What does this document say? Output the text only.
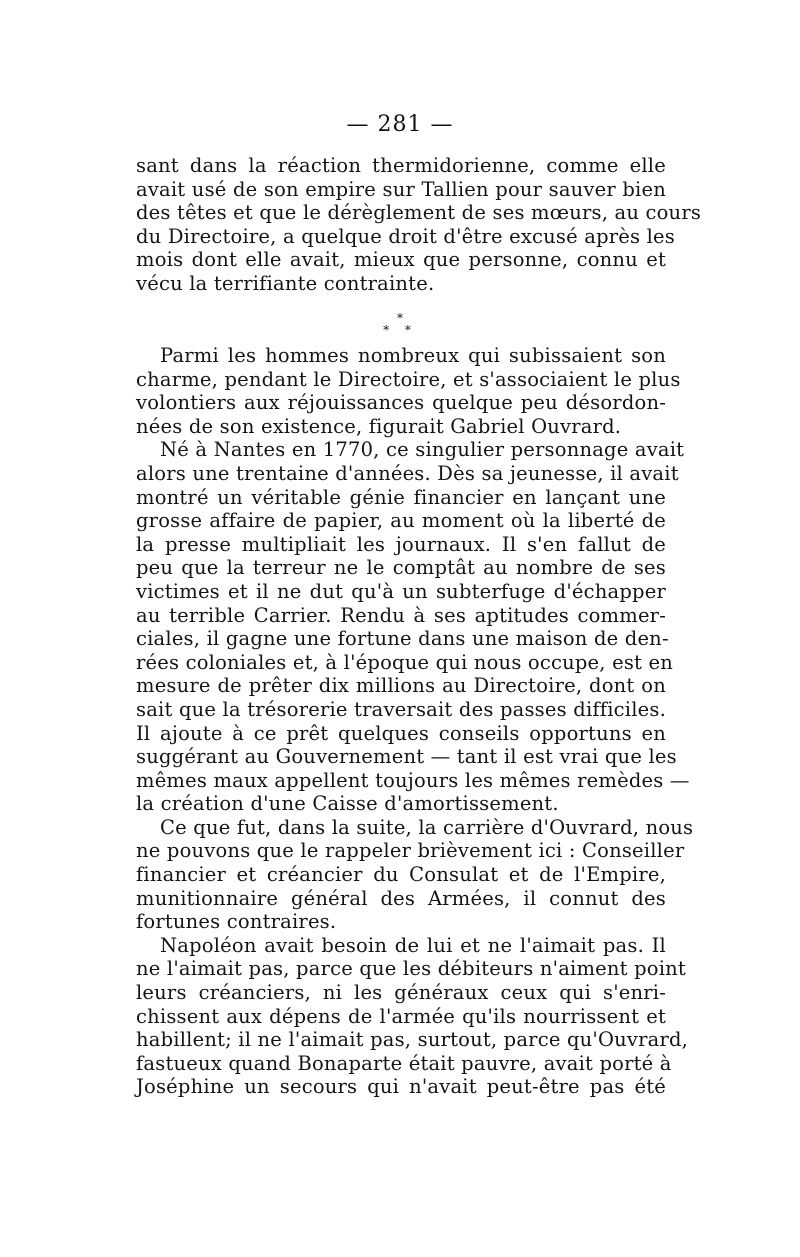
— 281 —
sant dans la réaction thermidorienne, comme elle
avait usé de son empire sur Tallien pour sauver bien
des têtes et que le dérèglement de ses mœurs, au cours
du Directoire, a quelque droit d'être excusé après les
mois dont elle avait, mieux que personne, connu et
vécu la terrifiante contrainte.
*
* *
Parmi les hommes nombreux qui subissaient son
charme, pendant le Directoire, et s'associaient le plus
volontiers aux réjouissances quelque peu désordon-
nées de son existence, figurait Gabriel Ouvrard.
Né à Nantes en 1770, ce singulier personnage avait
alors une trentaine d'années. Dès sa jeunesse, il avait
montré un véritable génie financier en lançant une
grosse affaire de papier, au moment où la liberté de
la presse multipliait les journaux. Il s'en fallut de
peu que la terreur ne le comptât au nombre de ses
victimes et il ne dut qu'à un subterfuge d'échapper
au terrible Carrier. Rendu à ses aptitudes commer-
ciales, il gagne une fortune dans une maison de den-
rées coloniales et, à l'époque qui nous occupe, est en
mesure de prêter dix millions au Directoire, dont on
sait que la trésorerie traversait des passes difficiles.
Il ajoute à ce prêt quelques conseils opportuns en
suggérant au Gouvernement — tant il est vrai que les
mêmes maux appellent toujours les mêmes remèdes —
la création d'une Caisse d'amortissement.
Ce que fut, dans la suite, la carrière d'Ouvrard, nous
ne pouvons que le rappeler brièvement ici : Conseiller
financier et créancier du Consulat et de l'Empire,
munitionnaire général des Armées, il connut des
fortunes contraires.
Napoléon avait besoin de lui et ne l'aimait pas. Il
ne l'aimait pas, parce que les débiteurs n'aiment point
leurs créanciers, ni les généraux ceux qui s'enri-
chissent aux dépens de l'armée qu'ils nourrissent et
habillent; il ne l'aimait pas, surtout, parce qu'Ouvrard,
fastueux quand Bonaparte était pauvre, avait porté à
Joséphine un secours qui n'avait peut-être pas été
